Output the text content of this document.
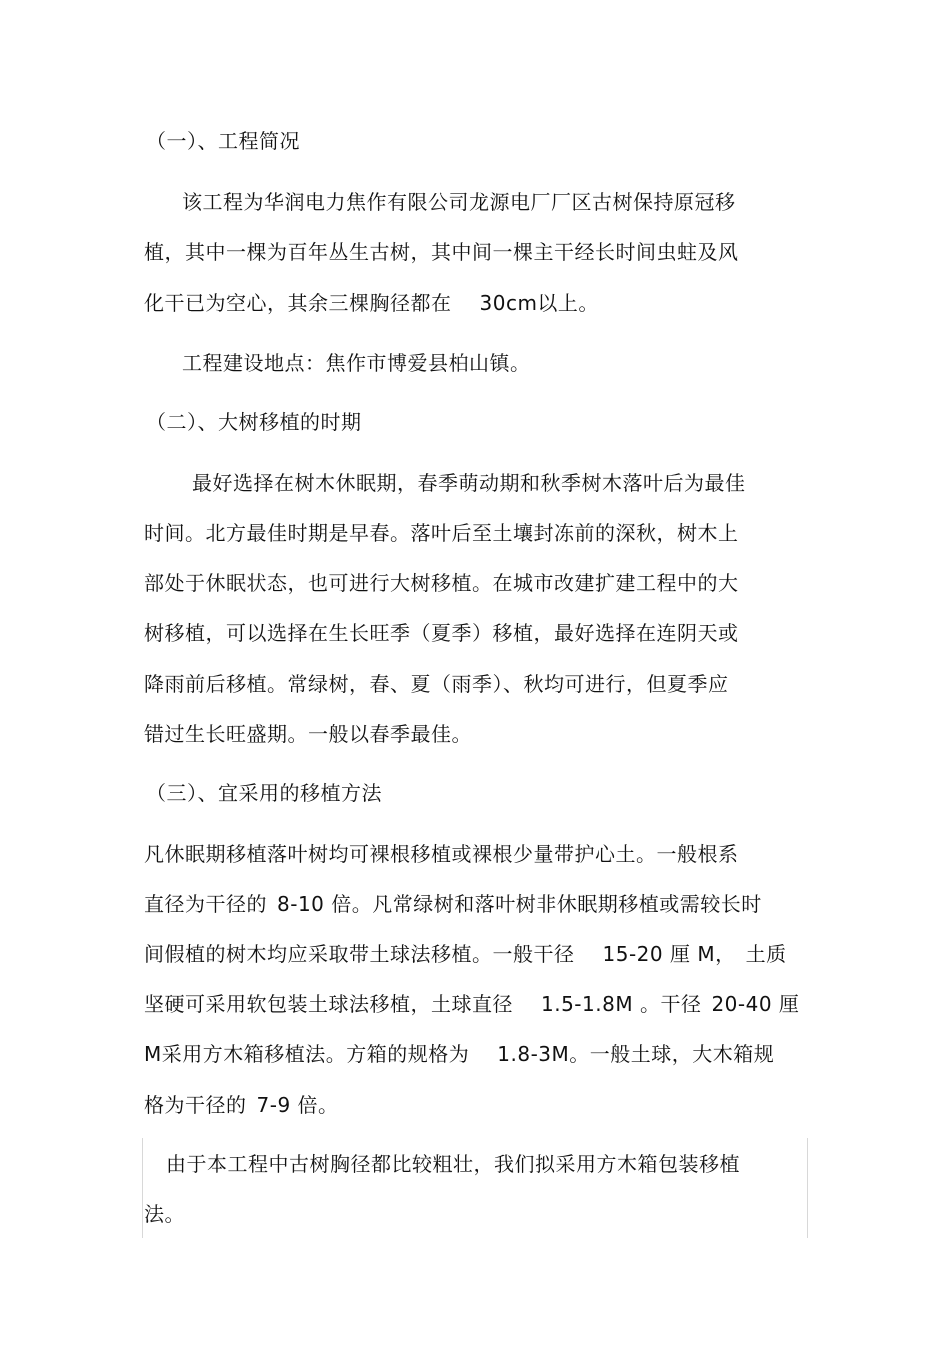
（一）、工程简况
该工程为华润电力焦作有限公司龙源电厂厂区古树保持原冠移
植，其中一棵为百年丛生古树，其中间一棵主干经长时间虫蛀及风
化干已为空心，其余三棵胸径都在 30cm以上。
工程建设地点：焦作市博爱县柏山镇。
（二）、大树移植的时期
最好选择在树木休眠期，春季萌动期和秋季树木落叶后为最佳
时间。北方最佳时期是早春。落叶后至土壤封冻前的深秋，树木上
部处于休眠状态，也可进行大树移植。在城市改建扩建工程中的大
树移植，可以选择在生长旺季（夏季）移植，最好选择在连阴天或
降雨前后移植。常绿树，春、夏（雨季）、秋均可进行，但夏季应
错过生长旺盛期。一般以春季最佳。
（三）、宜采用的移植方法
凡休眠期移植落叶树均可裸根移植或裸根少量带护心土。一般根系
直径为干径的 8-10 倍。凡常绿树和落叶树非休眠期移植或需较长时
间假植的树木均应采取带土球法移植。一般干径 15-20 厘 M， 土质
坚硬可采用软包装土球法移植，土球直径 1.5-1.8M 。干径 20-40 厘
M采用方木箱移植法。方箱的规格为 1.8-3M。一般土球，大木箱规
格为干径的 7-9 倍。
由于本工程中古树胸径都比较粗壮，我们拟采用方木箱包装移植
法。
